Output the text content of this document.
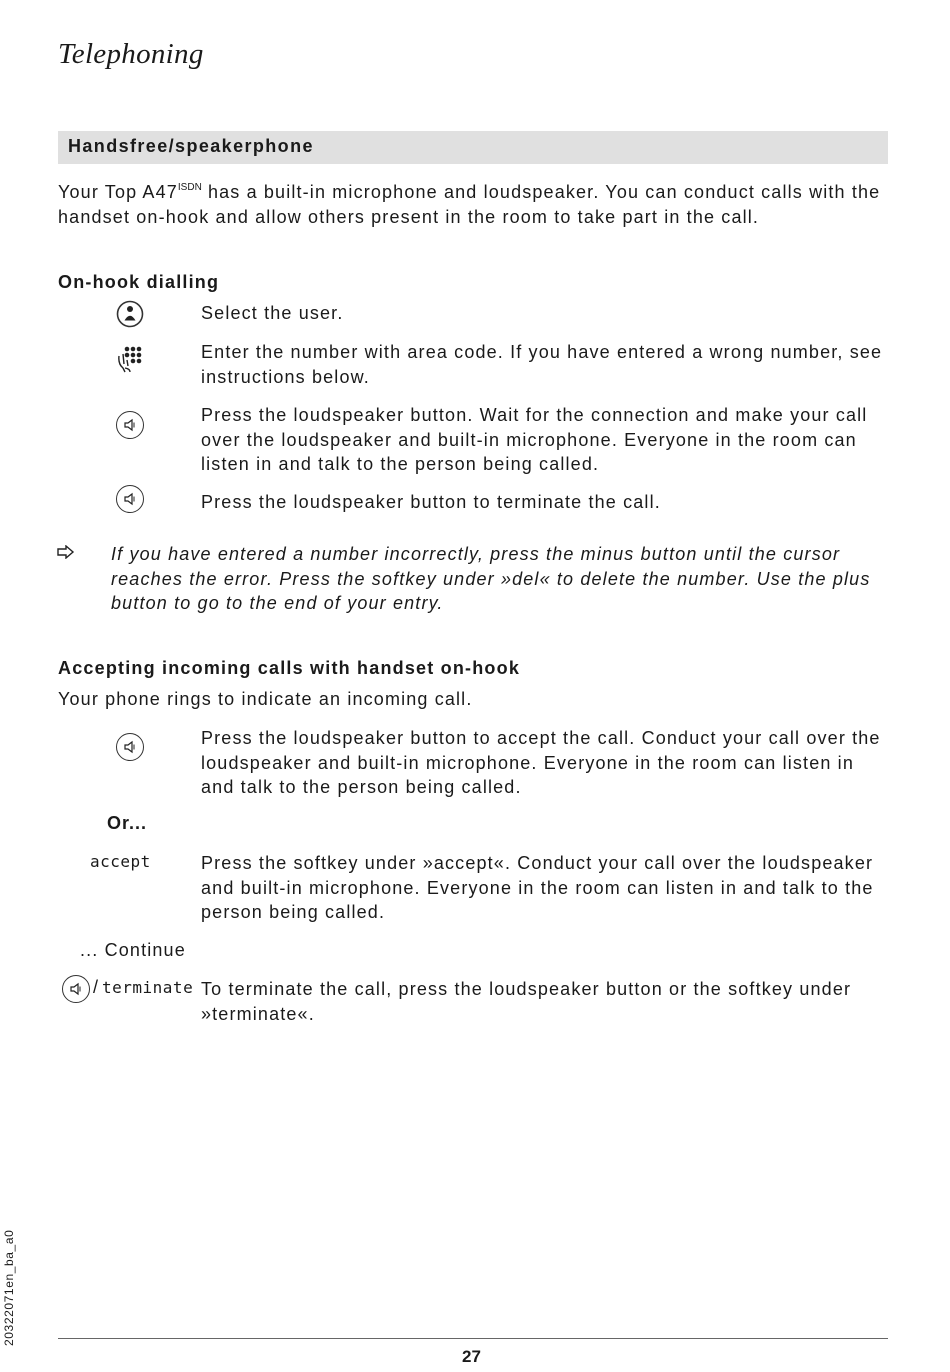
Telephoning
Handsfree/speakerphone
Your Top $A47^{ISDN}$ has a built-in microphone and loudspeaker. You can conduct calls with the handset on-hook and allow others present in the room to take part in the call.
On-hook dialling
Select the user.
Enter the number with area code. If you have entered a wrong number, see instructions below.
Press the loudspeaker button. Wait for the connection and make your call over the loudspeaker and built-in microphone. Everyone in the room can listen in and talk to the person being called.
Press the loudspeaker button to terminate the call.
If you have entered a number incorrectly, press the minus button until the cursor reaches the error. Press the softkey under »del« to delete the number. Use the plus button to go to the end of your entry.
Accepting incoming calls with handset on-hook
Your phone rings to indicate an incoming call.
Press the loudspeaker button to accept the call. Conduct your call over the loudspeaker and built-in microphone. Everyone in the room can listen in and talk to the person being called.
Or...
accept	Press the softkey under »accept«. Conduct your call over the loudspeaker and built-in microphone. Everyone in the room can listen in and talk to the person being called.
... Continue
/ terminate To terminate the call, press the loudspeaker button or the softkey under »terminate«.
20322071en_ba_a0
27
